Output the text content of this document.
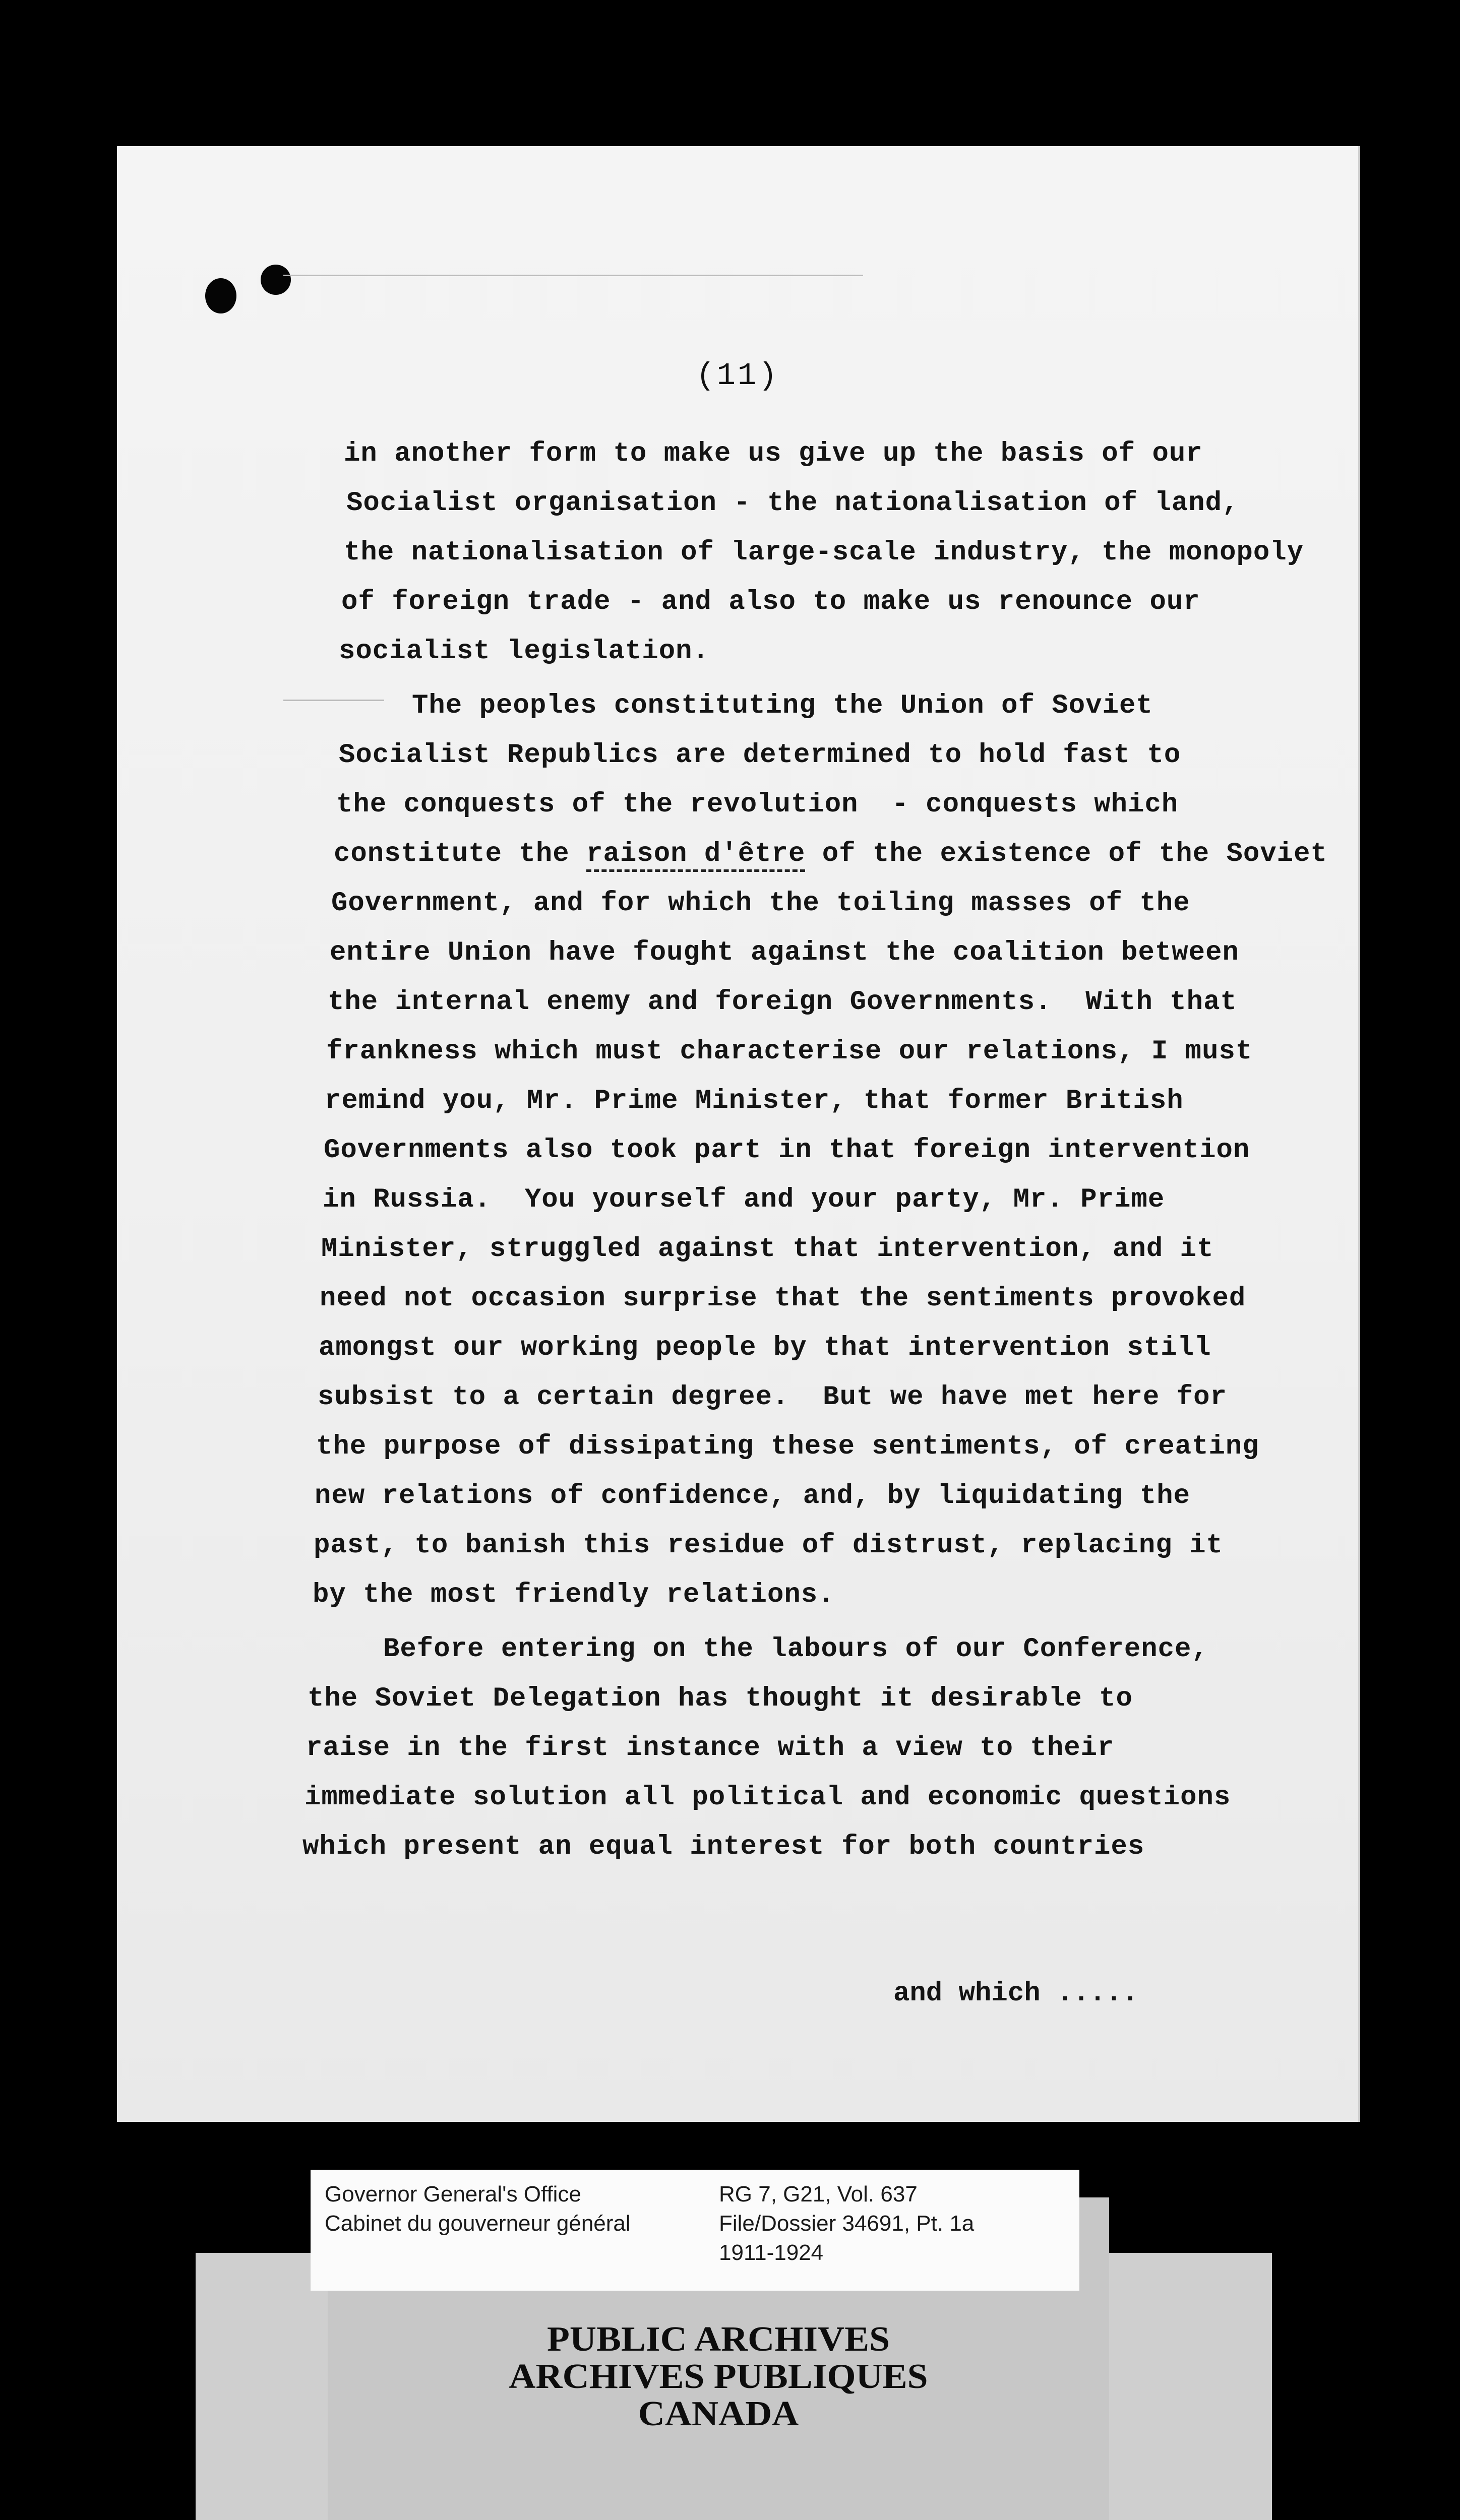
(11)
in another form to make us give up the basis of our
Socialist organisation - the nationalisation of land,
the nationalisation of large-scale industry, the monopoly
of foreign trade - and also to make us renounce our
socialist legislation.
The peoples constituting the Union of Soviet
Socialist Republics are determined to hold fast to
the conquests of the revolution  - conquests which
constitute the raison d'être of the existence of the Soviet
Government, and for which the toiling masses of the
entire Union have fought against the coalition between
the internal enemy and foreign Governments.  With that
frankness which must characterise our relations, I must
remind you, Mr. Prime Minister, that former British
Governments also took part in that foreign intervention
in Russia.  You yourself and your party, Mr. Prime
Minister, struggled against that intervention, and it
need not occasion surprise that the sentiments provoked
amongst our working people by that intervention still
subsist to a certain degree.  But we have met here for
the purpose of dissipating these sentiments, of creating
new relations of confidence, and, by liquidating the
past, to banish this residue of distrust, replacing it
by the most friendly relations.
Before entering on the labours of our Conference,
the Soviet Delegation has thought it desirable to
raise in the first instance with a view to their
immediate solution all political and economic questions
which present an equal interest for both countries
and which .....
Governor General's Office
Cabinet du gouverneur général
RG 7, G21, Vol. 637
File/Dossier 34691, Pt. 1a
1911-1924
PUBLIC ARCHIVES
ARCHIVES PUBLIQUES
CANADA
